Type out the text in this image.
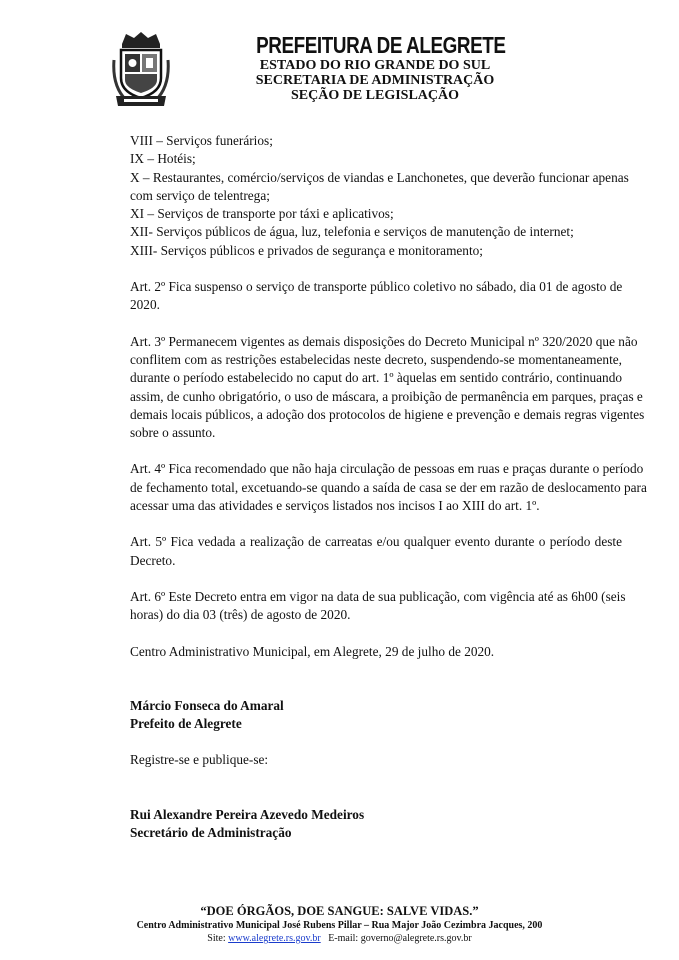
PREFEITURA DE ALEGRETE
ESTADO DO RIO GRANDE DO SUL
SECRETARIA DE ADMINISTRAÇÃO
SEÇÃO DE LEGISLAÇÃO
VIII – Serviços funerários;
IX – Hotéis;
X – Restaurantes, comércio/serviços de viandas e Lanchonetes, que deverão funcionar apenas
com serviço de telentrega;
XI – Serviços de transporte por táxi e aplicativos;
XII- Serviços públicos de água, luz, telefonia e serviços de manutenção de internet;
XIII- Serviços públicos e privados de segurança e monitoramento;
Art. 2º Fica suspenso o serviço de transporte público coletivo no sábado, dia 01 de agosto de
2020.
Art. 3º Permanecem vigentes as demais disposições do Decreto Municipal nº 320/2020 que não
conflitem com as restrições estabelecidas neste decreto, suspendendo-se momentaneamente,
durante o período estabelecido no caput do art. 1º àquelas em sentido contrário, continuando
assim, de cunho obrigatório, o uso de máscara, a proibição de permanência em parques, praças e
demais locais públicos, a adoção dos protocolos de higiene e prevenção e demais regras vigentes
sobre o assunto.
Art. 4º Fica recomendado que não haja circulação de pessoas em ruas e praças durante o período
de fechamento total, excetuando-se quando a saída de casa se der em razão de deslocamento para
acessar uma das atividades e serviços listados nos incisos I ao XIII do art. 1º.
Art. 5º Fica vedada a realização de carreatas e/ou qualquer evento durante o período deste
Decreto.
Art. 6º Este Decreto entra em vigor na data de sua publicação, com vigência até as 6h00 (seis
horas) do dia 03 (três) de agosto de 2020.
Centro Administrativo Municipal, em Alegrete, 29 de julho de 2020.
Márcio Fonseca do Amaral
Prefeito de Alegrete
Registre-se e publique-se:
Rui Alexandre Pereira Azevedo Medeiros
Secretário de Administração
“DOE ÓRGÃOS, DOE SANGUE: SALVE VIDAS.”
Centro Administrativo Municipal José Rubens Pillar – Rua Major João Cezimbra Jacques, 200
Site: www.alegrete.rs.gov.br E-mail: governo@alegrete.rs.gov.br
